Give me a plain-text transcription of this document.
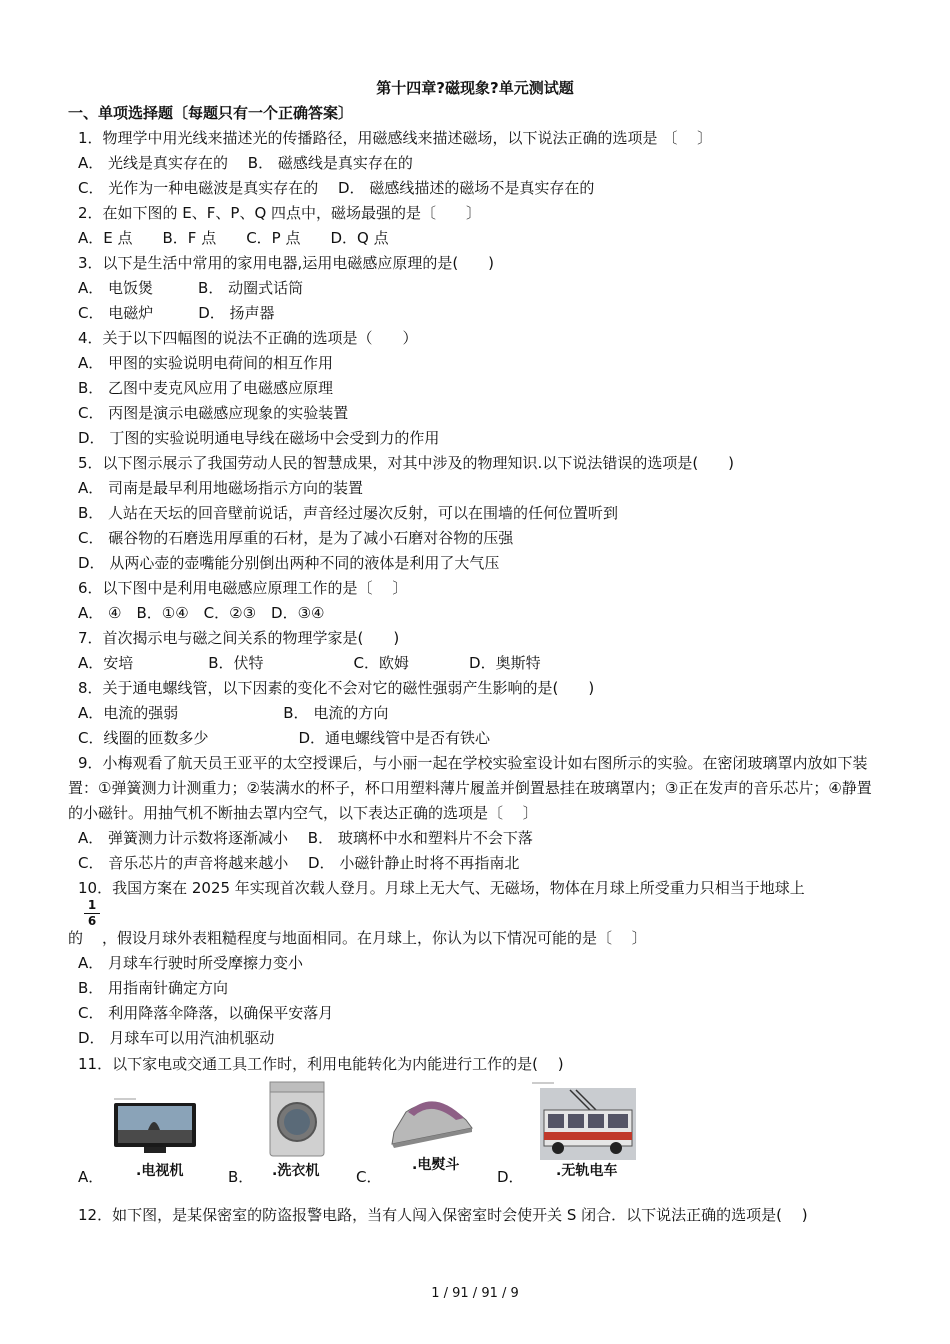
第十四章?磁现象?单元测试题
一、单项选择题〔每题只有一个正确答案〕
1．物理学中用光线来描述光的传播路径，用磁感线来描述磁场，以下说法正确的选项是 〔　 〕
A． 光线是真实存在的　 B． 磁感线是真实存在的
C． 光作为一种电磁波是真实存在的　 D． 磁感线描述的磁场不是真实存在的
2．在如下图的 E、F、P、Q 四点中，磁场最强的是〔　　〕
A．E 点　　B．F 点　　C．P 点　　D．Q 点
3．以下是生活中常用的家用电器,运用电磁感应原理的是(　　)
A． 电饭煲　　　B． 动圈式话筒
C． 电磁炉　　　D． 扬声器
4．关于以下四幅图的说法不正确的选项是（　　）
A． 甲图的实验说明电荷间的相互作用
B． 乙图中麦克风应用了电磁感应原理
C． 丙图是演示电磁感应现象的实验装置
D． 丁图的实验说明通电导线在磁场中会受到力的作用
5．以下图示展示了我国劳动人民的智慧成果，对其中涉及的物理知识.以下说法错误的选项是(　　)
A． 司南是最早利用地磁场指示方向的装置
B． 人站在天坛的回音壁前说话，声音经过屡次反射，可以在围墙的任何位置听到
C． 碾谷物的石磨选用厚重的石材，是为了减小石磨对谷物的压强
D． 从两心壶的壶嘴能分别倒出两种不同的液体是利用了大气压
6．以下图中是利用电磁感应原理工作的是〔　 〕
A． ④　B．①④　C．②③　D．③④
7．首次揭示电与磁之间关系的物理学家是(　　)
A．安培　　　　　B．伏特　　　　　　C．欧姆　　　　D．奥斯特
8．关于通电螺线管，以下因素的变化不会对它的磁性强弱产生影响的是(　　)
A．电流的强弱　　　　　　　B． 电流的方向
C．线圈的匝数多少　　　　　　D．通电螺线管中是否有铁心
9．小梅观看了航天员王亚平的太空授课后，与小丽一起在学校实验室设计如右图所示的实验。在密闭玻璃罩内放如下装置：①弹簧测力计测重力；②装满水的杯子，杯口用塑料薄片履盖并倒置悬挂在玻璃罩内；③正在发声的音乐芯片；④静置的小磁针。用抽气机不断抽去罩内空气，以下表达正确的选项是〔　 〕
A． 弹簧测力计示数将逐渐减小　 B． 玻璃杯中水和塑料片不会下落
C． 音乐芯片的声音将越来越小　 D． 小磁针静止时将不再指南北
10．我国方案在 2025 年实现首次载人登月。月球上无大气、无磁场，物体在月球上所受重力只相当于地球上
$\frac{1}{6}$
的 ，假设月球外表粗糙程度与地面相同。在月球上，你认为以下情况可能的是〔　 〕
A． 月球车行驶时所受摩擦力变小
B． 用指南针确定方向
C． 利用降落伞降落，以确保平安落月
D． 月球车可以用汽油机驱动
11．以下家电或交通工具工作时，利用电能转化为内能进行工作的是(　 )
A． .电视机	B． .洗衣机 C．
.电熨斗
D． .无轨电车
12．如下图，是某保密室的防盗报警电路，当有人闯入保密室时会使开关 S 闭合．以下说法正确的选项是(　 )
1 / 91 / 91 / 9
